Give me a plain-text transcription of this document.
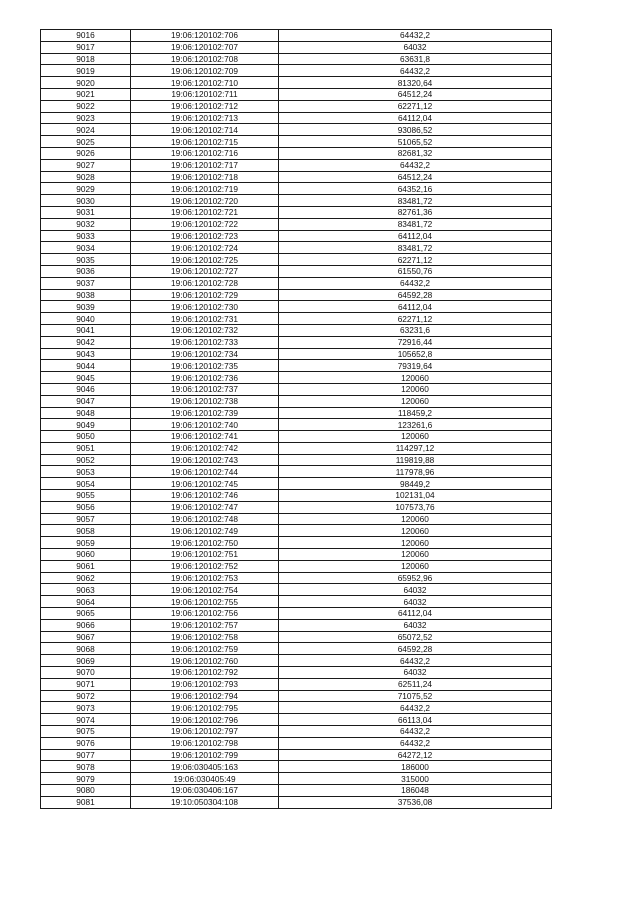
9016	19:06:120102:706	64432,2
9017	19:06:120102:707	64032
9018	19:06:120102:708	63631,8
9019	19:06:120102:709	64432,2
9020	19:06:120102:710	81320,64
9021	19:06:120102:711	64512,24
9022	19:06:120102:712	62271,12
9023	19:06:120102:713	64112,04
9024	19:06:120102:714	93086,52
9025	19:06:120102:715	51065,52
9026	19:06:120102:716	82681,32
9027	19:06:120102:717	64432,2
9028	19:06:120102:718	64512,24
9029	19:06:120102:719	64352,16
9030	19:06:120102:720	83481,72
9031	19:06:120102:721	82761,36
9032	19:06:120102:722	83481,72
9033	19:06:120102:723	64112,04
9034	19:06:120102:724	83481,72
9035	19:06:120102:725	62271,12
9036	19:06:120102:727	61550,76
9037	19:06:120102:728	64432,2
9038	19:06:120102:729	64592,28
9039	19:06:120102:730	64112,04
9040	19:06:120102:731	62271,12
9041	19:06:120102:732	63231,6
9042	19:06:120102:733	72916,44
9043	19:06:120102:734	105652,8
9044	19:06:120102:735	79319,64
9045	19:06:120102:736	120060
9046	19:06:120102:737	120060
9047	19:06:120102:738	120060
9048	19:06:120102:739	118459,2
9049	19:06:120102:740	123261,6
9050	19:06:120102:741	120060
9051	19:06:120102:742	114297,12
9052	19:06:120102:743	119819,88
9053	19:06:120102:744	117978,96
9054	19:06:120102:745	98449,2
9055	19:06:120102:746	102131,04
9056	19:06:120102:747	107573,76
9057	19:06:120102:748	120060
9058	19:06:120102:749	120060
9059	19:06:120102:750	120060
9060	19:06:120102:751	120060
9061	19:06:120102:752	120060
9062	19:06:120102:753	65952,96
9063	19:06:120102:754	64032
9064	19:06:120102:755	64032
9065	19:06:120102:756	64112,04
9066	19:06:120102:757	64032
9067	19:06:120102:758	65072,52
9068	19:06:120102:759	64592,28
9069	19:06:120102:760	64432,2
9070	19:06:120102:792	64032
9071	19:06:120102:793	62511,24
9072	19:06:120102:794	71075,52
9073	19:06:120102:795	64432,2
9074	19:06:120102:796	66113,04
9075	19:06:120102:797	64432,2
9076	19:06:120102:798	64432,2
9077	19:06:120102:799	64272,12
9078	19:06:030405:163	186000
9079	19:06:030405:49	315000
9080	19:06:030406:167	186048
9081	19:10:050304:108	37536,08
